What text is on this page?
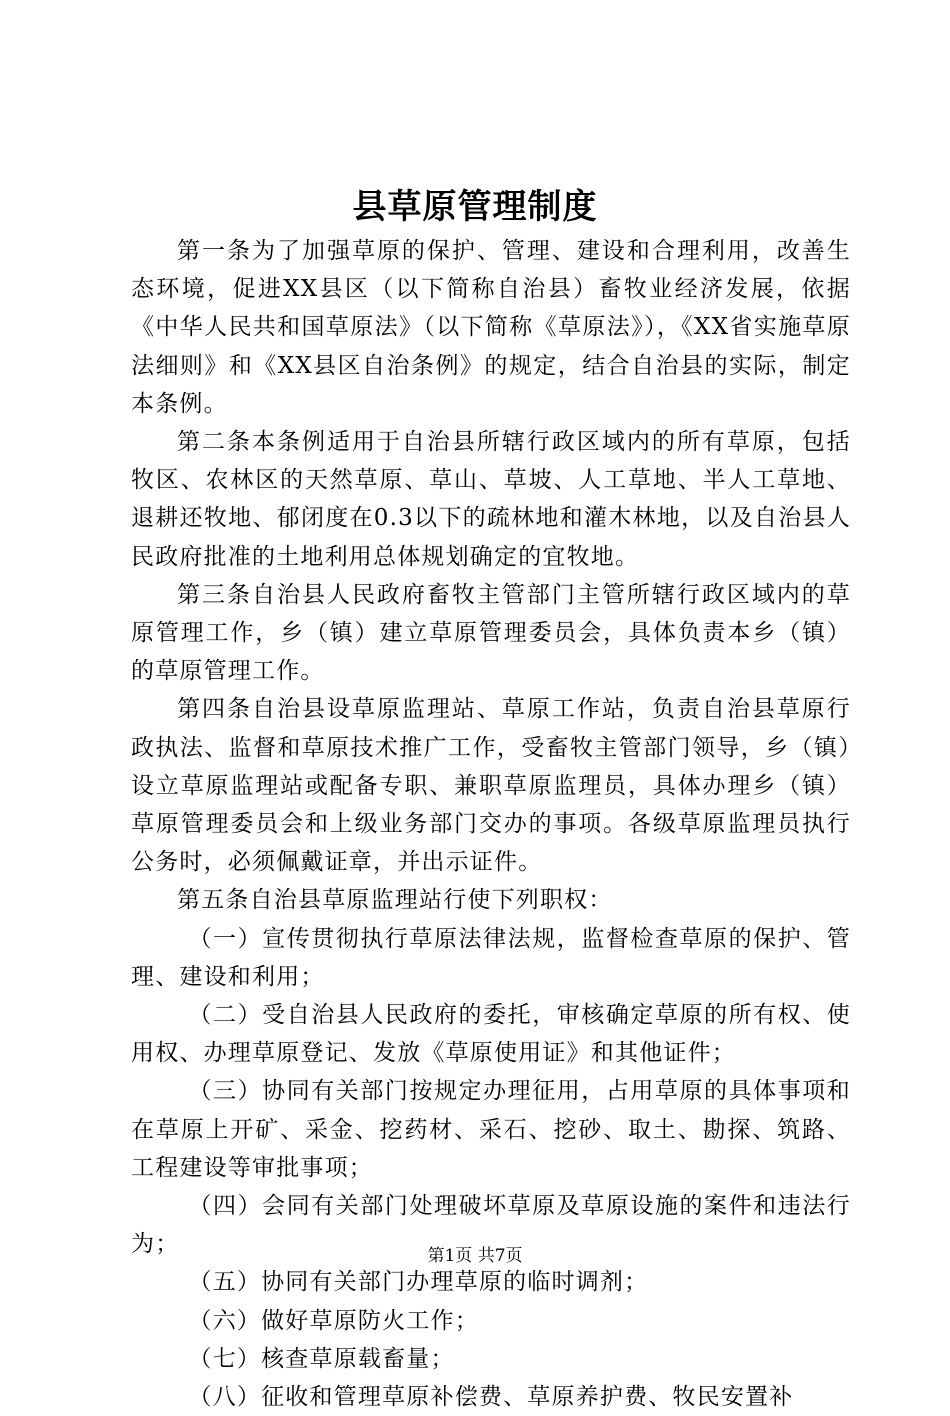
县草原管理制度

第一条为了加强草原的保护、管理、建设和合理利用，改善生态环境，促进XX县区（以下简称自治县）畜牧业经济发展，依据《中华人民共和国草原法》（以下简称《草原法》），《XX省实施草原法细则》和《XX县区自治条例》的规定，结合自治县的实际，制定本条例。

第二条本条例适用于自治县所辖行政区域内的所有草原，包括牧区、农林区的天然草原、草山、草坡、人工草地、半人工草地、退耕还牧地、郁闭度在0.3以下的疏林地和灌木林地，以及自治县人民政府批准的土地利用总体规划确定的宜牧地。

第三条自治县人民政府畜牧主管部门主管所辖行政区域内的草原管理工作，乡（镇）建立草原管理委员会，具体负责本乡（镇）的草原管理工作。

第四条自治县设草原监理站、草原工作站，负责自治县草原行政执法、监督和草原技术推广工作，受畜牧主管部门领导，乡（镇）设立草原监理站或配备专职、兼职草原监理员，具体办理乡（镇）草原管理委员会和上级业务部门交办的事项。各级草原监理员执行公务时，必须佩戴证章，并出示证件。

第五条自治县草原监理站行使下列职权：

（一）宣传贯彻执行草原法律法规，监督检查草原的保护、管理、建设和利用；

（二）受自治县人民政府的委托，审核确定草原的所有权、使用权、办理草原登记、发放《草原使用证》和其他证件；

（三）协同有关部门按规定办理征用，占用草原的具体事项和在草原上开矿、采金、挖药材、采石、挖砂、取土、勘探、筑路、工程建设等审批事项；

（四）会同有关部门处理破坏草原及草原设施的案件和违法行为；

（五）协同有关部门办理草原的临时调剂；

（六）做好草原防火工作；

（七）核查草原载畜量；

（八）征收和管理草原补偿费、草原养护费、牧民安置补

第1页 共7页
